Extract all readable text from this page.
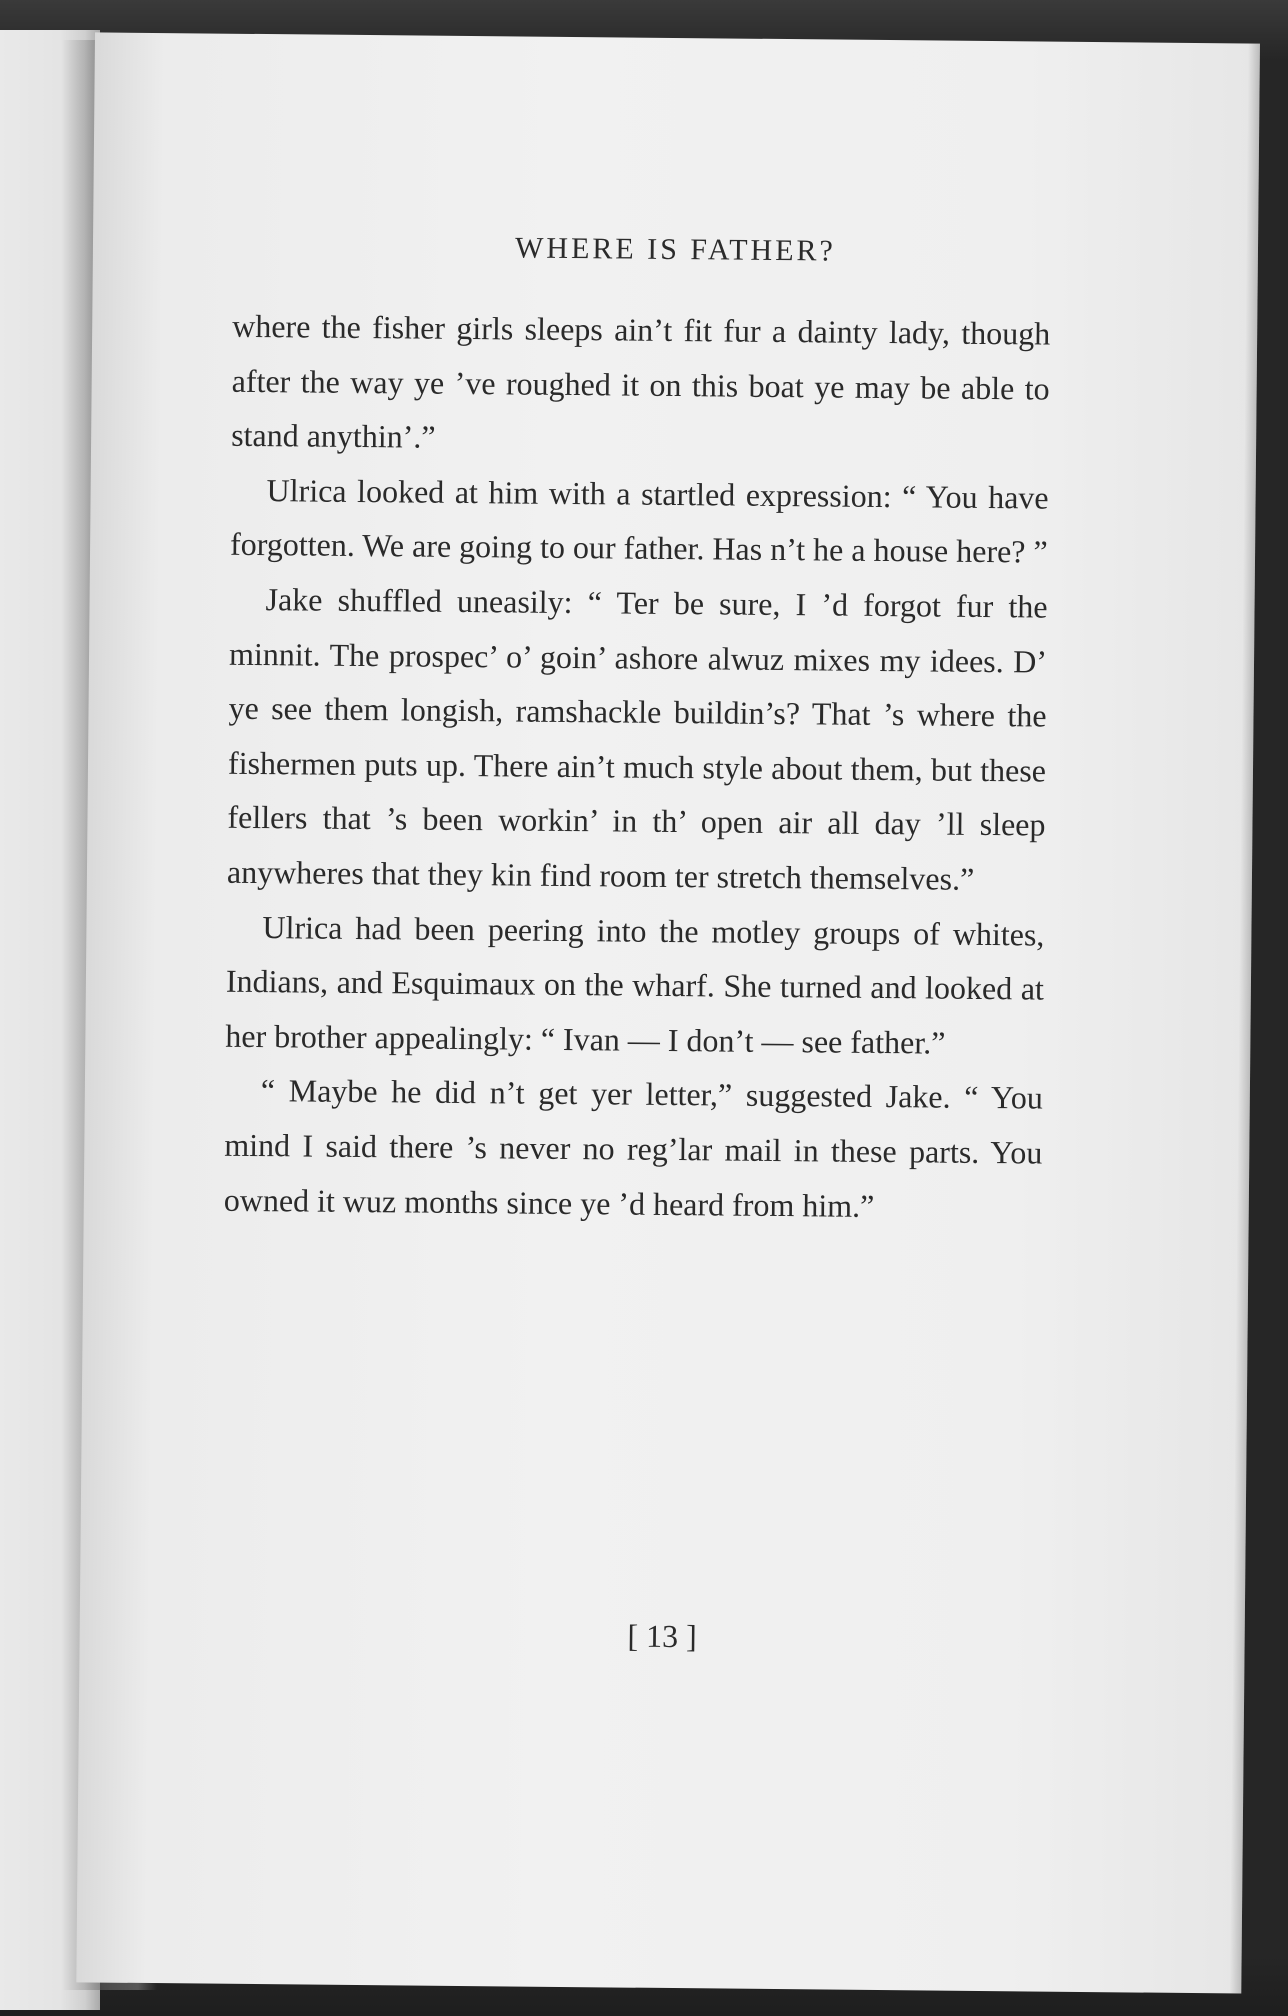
WHERE IS FATHER?

where the fisher girls sleeps ain’t fit fur a dainty lady, though after the way ye ’ve roughed it on this boat ye may be able to stand anythin’.”

Ulrica looked at him with a startled expression: “ You have forgotten. We are going to our father. Has n’t he a house here? ”

Jake shuffled uneasily: “ Ter be sure, I ’d forgot fur the minnit. The prospec’ o’ goin’ ashore alwuz mixes my idees. D’ ye see them longish, ramshackle buildin’s? That ’s where the fishermen puts up. There ain’t much style about them, but these fellers that ’s been workin’ in th’ open air all day ’ll sleep anywheres that they kin find room ter stretch themselves.”

Ulrica had been peering into the motley groups of whites, Indians, and Esquimaux on the wharf. She turned and looked at her brother appealingly: “ Ivan — I don’t — see father.”

“ Maybe he did n’t get yer letter,” suggested Jake. “ You mind I said there ’s never no reg’lar mail in these parts. You owned it wuz months since ye ’d heard from him.”

[ 13 ]
